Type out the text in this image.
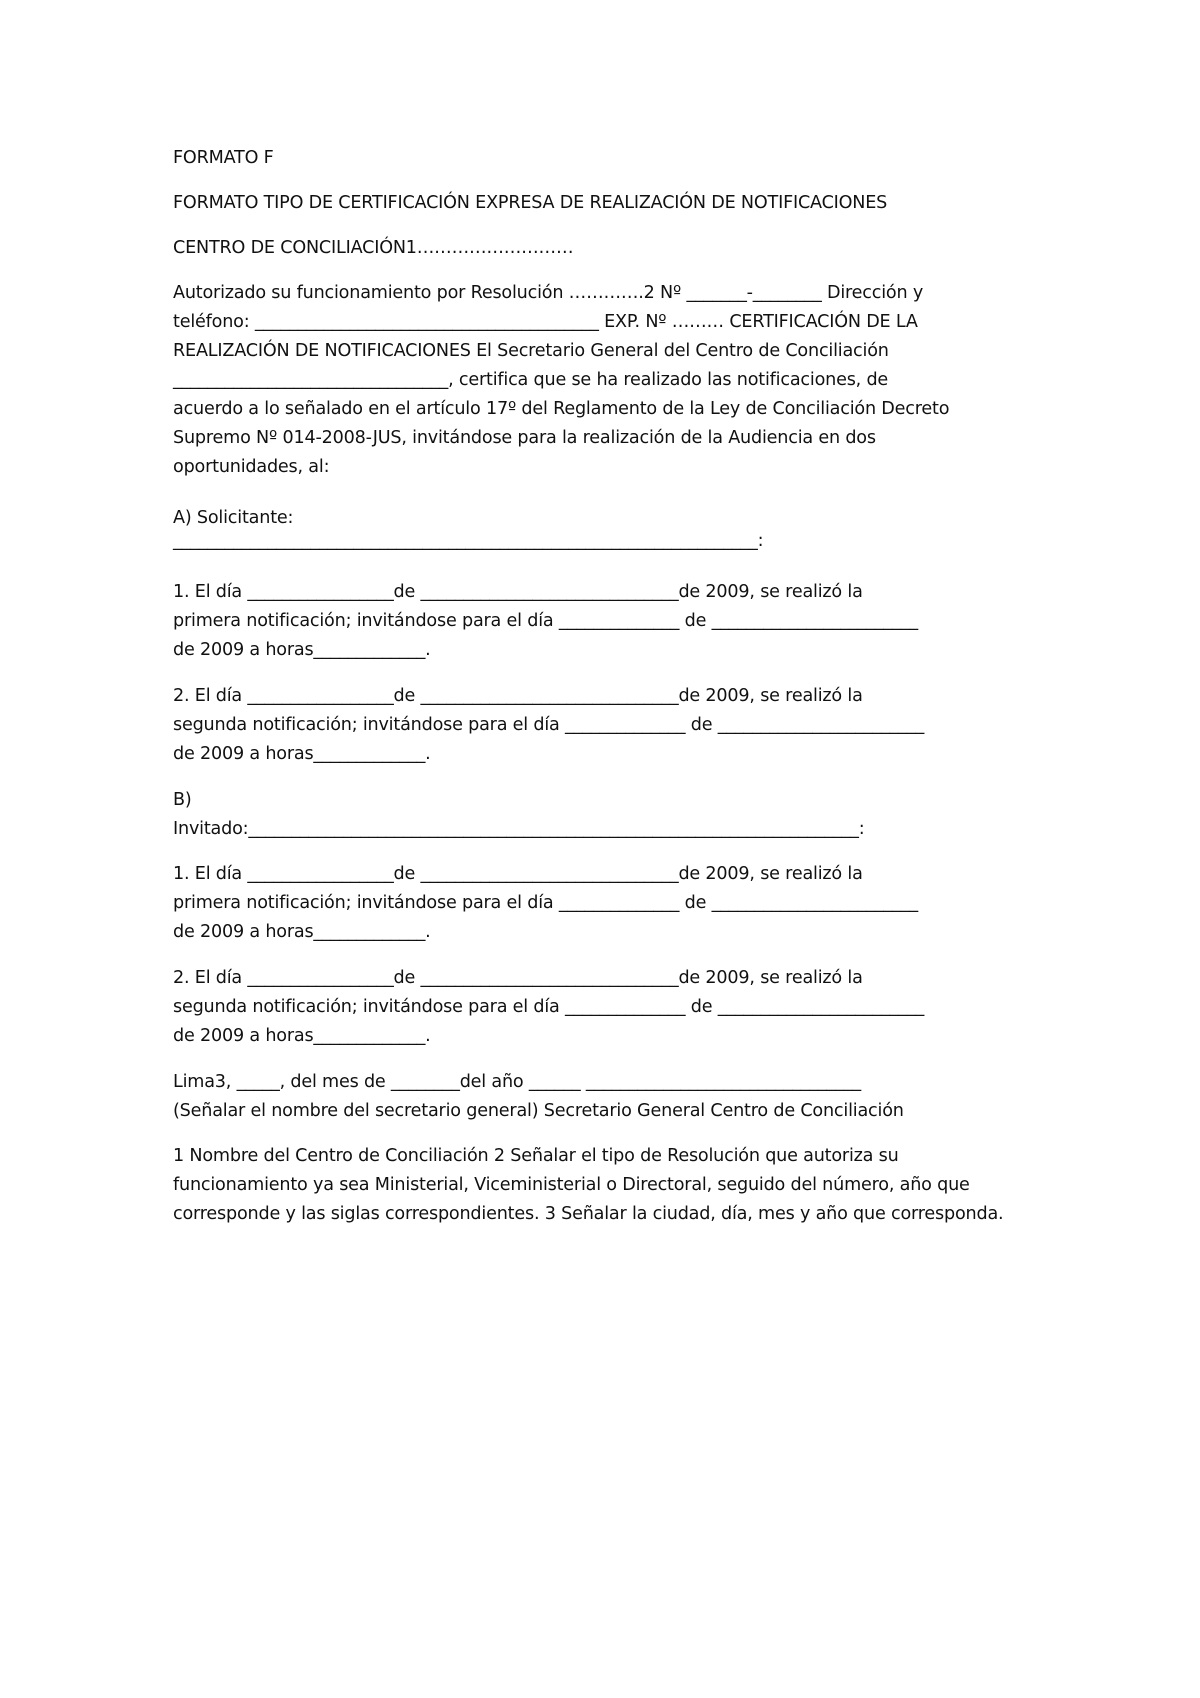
FORMATO F
FORMATO TIPO DE CERTIFICACIÓN EXPRESA DE REALIZACIÓN DE NOTIFICACIONES
CENTRO DE CONCILIACIÓN1………………………
Autorizado su funcionamiento por Resolución ………….2 Nº _______-________ Dirección y
teléfono: ________________________________________ EXP. Nº ……… CERTIFICACIÓN DE LA
REALIZACIÓN DE NOTIFICACIONES El Secretario General del Centro de Conciliación
________________________________, certifica que se ha realizado las notificaciones, de
acuerdo a lo señalado en el artículo 17º del Reglamento de la Ley de Conciliación Decreto
Supremo Nº 014-2008-JUS, invitándose para la realización de la Audiencia en dos
oportunidades, al:
A) Solicitante:
____________________________________________________________________:
1. El día _________________de ______________________________de 2009, se realizó la
primera notificación; invitándose para el día ______________ de ________________________
de 2009 a horas_____________.
2. El día _________________de ______________________________de 2009, se realizó la
segunda notificación; invitándose para el día ______________ de ________________________
de 2009 a horas_____________.
B)
Invitado:_______________________________________________________________________:
1. El día _________________de ______________________________de 2009, se realizó la
primera notificación; invitándose para el día ______________ de ________________________
de 2009 a horas_____________.
2. El día _________________de ______________________________de 2009, se realizó la
segunda notificación; invitándose para el día ______________ de ________________________
de 2009 a horas_____________.
Lima3, _____, del mes de ________del año ______ ________________________________
(Señalar el nombre del secretario general) Secretario General Centro de Conciliación
1 Nombre del Centro de Conciliación 2 Señalar el tipo de Resolución que autoriza su
funcionamiento ya sea Ministerial, Viceministerial o Directoral, seguido del número, año que
corresponde y las siglas correspondientes. 3 Señalar la ciudad, día, mes y año que corresponda.
